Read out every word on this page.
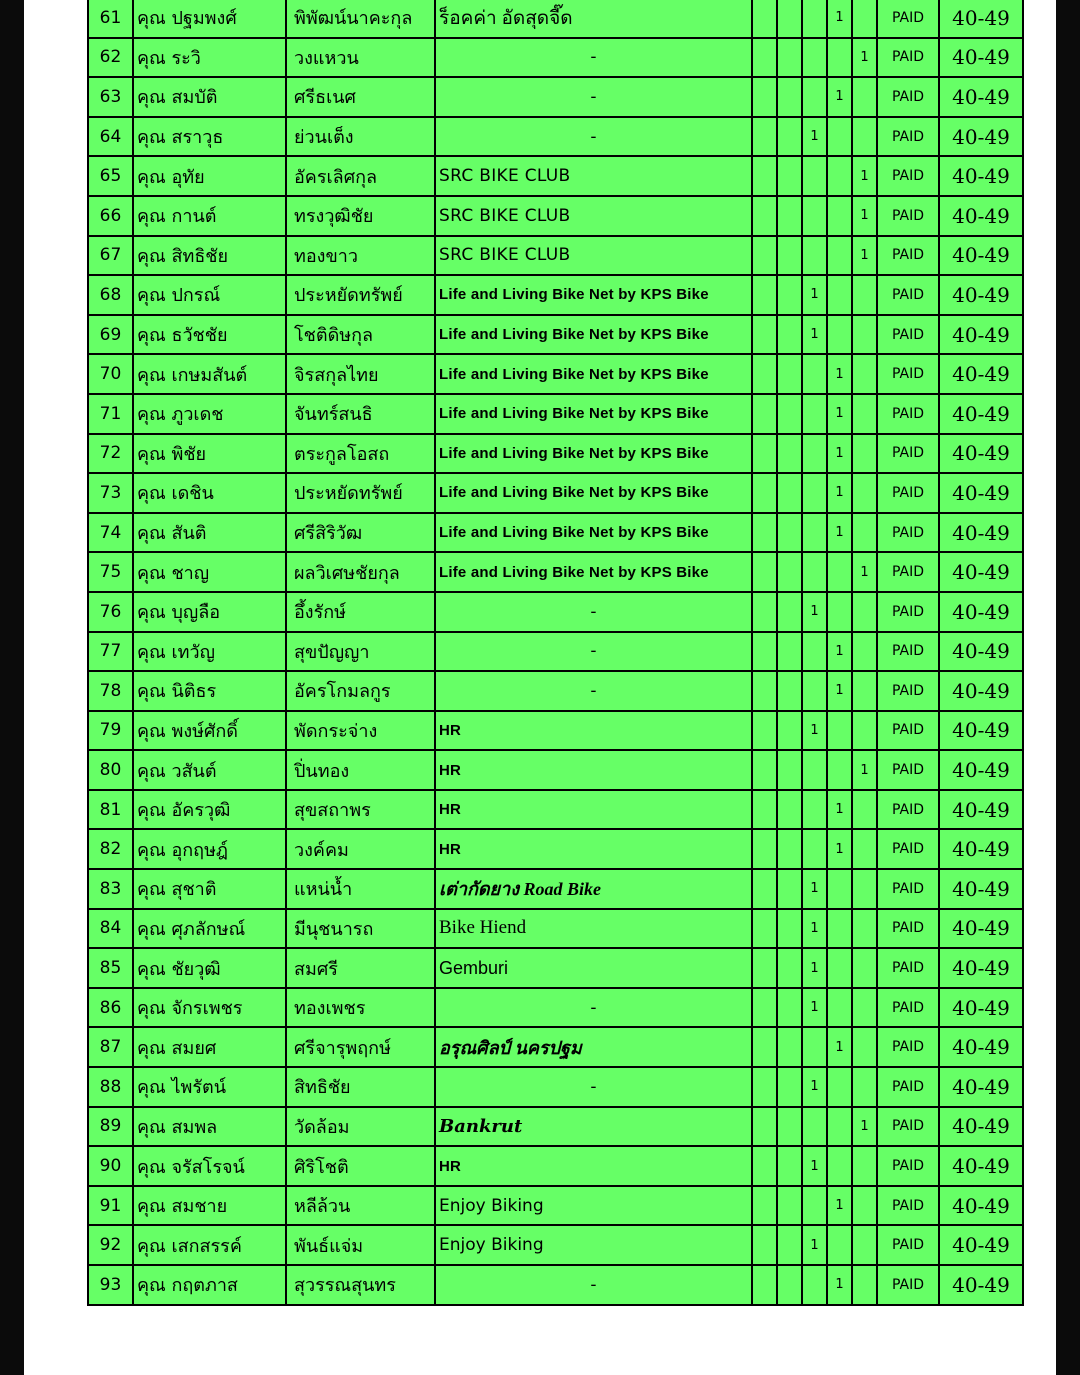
61	คุณ ปฐมพงศ์	พิพัฒน์นาคะกุล	ร็อคค่า อัดสุดจี๊ด				1		PAID	40-49
62	คุณ ระวิ	วงแหวน	-					1	PAID	40-49
63	คุณ สมบัติ	ศรีธเนศ	-				1		PAID	40-49
64	คุณ สราวุธ	ย่วนเต็ง	-			1			PAID	40-49
65	คุณ อุทัย	อัครเลิศกุล	SRC BIKE CLUB					1	PAID	40-49
66	คุณ กานต์	ทรงวุฒิชัย	SRC BIKE CLUB					1	PAID	40-49
67	คุณ สิทธิชัย	ทองขาว	SRC BIKE CLUB					1	PAID	40-49
68	คุณ ปกรณ์	ประหยัดทรัพย์	Life and Living Bike Net by KPS Bike			1			PAID	40-49
69	คุณ ธวัชชัย	โชติดิษกุล	Life and Living Bike Net by KPS Bike			1			PAID	40-49
70	คุณ เกษมสันต์	จิรสกุลไทย	Life and Living Bike Net by KPS Bike				1		PAID	40-49
71	คุณ ภูวเดช	จันทร์สนธิ	Life and Living Bike Net by KPS Bike				1		PAID	40-49
72	คุณ พิชัย	ตระกูลโอสถ	Life and Living Bike Net by KPS Bike				1		PAID	40-49
73	คุณ เดชิน	ประหยัดทรัพย์	Life and Living Bike Net by KPS Bike				1		PAID	40-49
74	คุณ สันติ	ศรีสิริวัฒ	Life and Living Bike Net by KPS Bike				1		PAID	40-49
75	คุณ ชาญ	ผลวิเศษชัยกุล	Life and Living Bike Net by KPS Bike					1	PAID	40-49
76	คุณ บุญลือ	อึ้งรักษ์	-			1			PAID	40-49
77	คุณ เทวัญ	สุขปัญญา	-				1		PAID	40-49
78	คุณ นิติธร	อัครโกมลกูร	-				1		PAID	40-49
79	คุณ พงษ์ศักดิ์	พัดกระจ่าง	HR			1			PAID	40-49
80	คุณ วสันต์	ปิ่นทอง	HR					1	PAID	40-49
81	คุณ อัครวุฒิ	สุขสถาพร	HR				1		PAID	40-49
82	คุณ อุกฤษฎ์	วงค์คม	HR				1		PAID	40-49
83	คุณ สุชาติ	แหน่น้ำ	เต่ากัดยาง Road Bike			1			PAID	40-49
84	คุณ ศุภลักษณ์	มีนุชนารถ	Bike Hiend			1			PAID	40-49
85	คุณ ชัยวุฒิ	สมศรี	Gemburi			1			PAID	40-49
86	คุณ จักรเพชร	ทองเพชร	-			1			PAID	40-49
87	คุณ สมยศ	ศรีจารุพฤกษ์	อรุณศิลป์ นครปฐม				1		PAID	40-49
88	คุณ ไพรัตน์	สิทธิชัย	-			1			PAID	40-49
89	คุณ สมพล	วัดล้อม	Bankrut					1	PAID	40-49
90	คุณ จรัสโรจน์	ศิริโชติ	HR			1			PAID	40-49
91	คุณ สมชาย	หลีล้วน	Enjoy Biking				1		PAID	40-49
92	คุณ เสกสรรค์	พันธ์แจ่ม	Enjoy Biking			1			PAID	40-49
93	คุณ กฤตภาส	สุวรรณสุนทร	-				1		PAID	40-49
